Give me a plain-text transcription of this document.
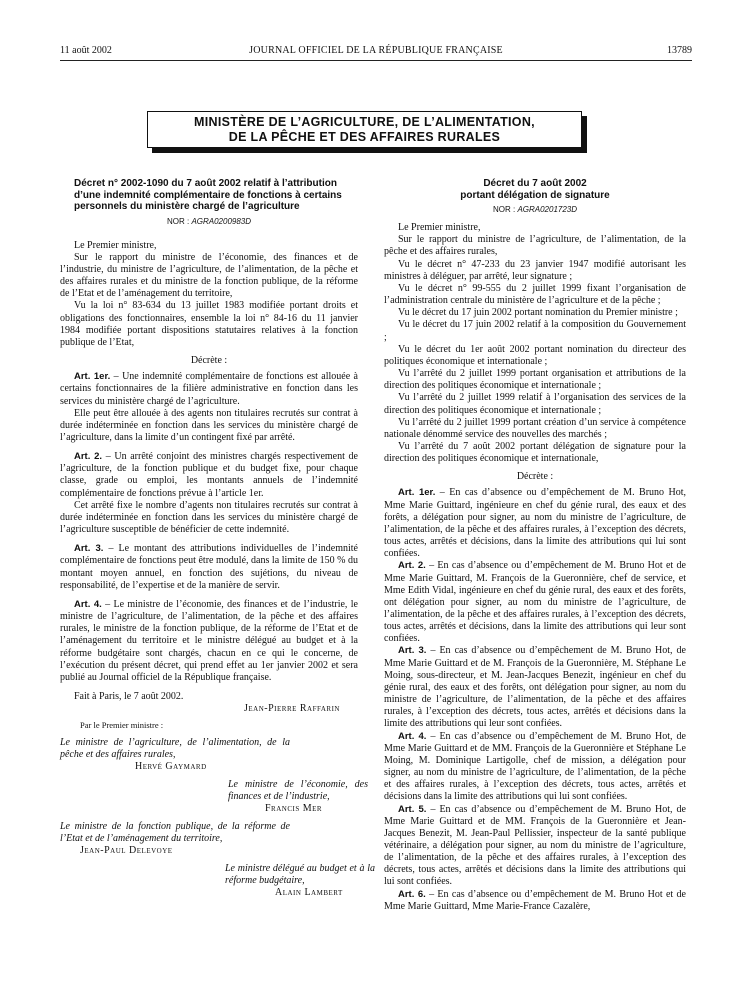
11 août 2002	JOURNAL OFFICIEL DE LA RÉPUBLIQUE FRANÇAISE	13789
MINISTÈRE DE L’AGRICULTURE, DE L’ALIMENTATION,
DE LA PÊCHE ET DES AFFAIRES RURALES
Décret n° 2002-1090 du 7 août 2002 relatif à l’attribution d’une indemnité complémentaire de fonctions à certains personnels du ministère chargé de l’agriculture
NOR : AGRA0200983D

Le Premier ministre,

Sur le rapport du ministre de l’économie, des finances et de l’industrie, du ministre de l’agriculture, de l’alimentation, de la pêche et des affaires rurales et du ministre de la fonction publique, de la réforme de l’Etat et de l’aménagement du territoire,

Vu la loi n° 83-634 du 13 juillet 1983 modifiée portant droits et obligations des fonctionnaires, ensemble la loi n° 84-16 du 11 janvier 1984 modifiée portant dispositions statutaires relatives à la fonction publique de l’Etat,

Décrète :

Art. 1er. – Une indemnité complémentaire de fonctions est allouée à certains fonctionnaires de la filière administrative en fonction dans les services du ministère chargé de l’agriculture.

Elle peut être allouée à des agents non titulaires recrutés sur contrat à durée indéterminée en fonction dans les services du ministère chargé de l’agriculture, dans la limite d’un contingent fixé par arrêté.

Art. 2. – Un arrêté conjoint des ministres chargés respectivement de l’agriculture, de la fonction publique et du budget fixe, pour chaque classe, grade ou emploi, les montants annuels de l’indemnité complémentaire de fonctions prévue à l’article 1er.

Cet arrêté fixe le nombre d’agents non titulaires recrutés sur contrat à durée indéterminée en fonction dans les services du ministère chargé de l’agriculture susceptible de bénéficier de cette indemnité.

Art. 3. – Le montant des attributions individuelles de l’indemnité complémentaire de fonctions peut être modulé, dans la limite de 150 % du montant moyen annuel, en fonction des sujétions, du niveau de responsabilité, de l’expertise et de la manière de servir.

Art. 4. – Le ministre de l’économie, des finances et de l’industrie, le ministre de l’agriculture, de l’alimentation, de la pêche et des affaires rurales, le ministre de la fonction publique, de la réforme de l’Etat et de l’aménagement du territoire et le ministre délégué au budget et à la réforme budgétaire sont chargés, chacun en ce qui le concerne, de l’exécution du présent décret, qui prend effet au 1er janvier 2002 et sera publié au Journal officiel de la République française.

Fait à Paris, le 7 août 2002.

Jean-Pierre Raffarin
Par le Premier ministre :
Le ministre de l’agriculture, de l’alimentation, de la pêche et des affaires rurales,
Hervé Gaymard
Le ministre de l’économie, des finances et de l’industrie,
Francis Mer
Le ministre de la fonction publique, de la réforme de l’Etat et de l’aménagement du territoire,
Jean-Paul Delevoye
Le ministre délégué au budget et à la réforme budgétaire,
Alain Lambert
Décret du 7 août 2002
portant délégation de signature
NOR : AGRA0201723D

Le Premier ministre,

Sur le rapport du ministre de l’agriculture, de l’alimentation, de la pêche et des affaires rurales,

Vu le décret n° 47-233 du 23 janvier 1947 modifié autorisant les ministres à déléguer, par arrêté, leur signature ;

Vu le décret n° 99-555 du 2 juillet 1999 fixant l’organisation de l’administration centrale du ministère de l’agriculture et de la pêche ;

Vu le décret du 17 juin 2002 portant nomination du Premier ministre ;

Vu le décret du 17 juin 2002 relatif à la composition du Gouvernement ;

Vu le décret du 1er août 2002 portant nomination du directeur des politiques économique et internationale ;

Vu l’arrêté du 2 juillet 1999 portant organisation et attributions de la direction des politiques économique et internationale ;

Vu l’arrêté du 2 juillet 1999 relatif à l’organisation des services de la direction des politiques économique et internationale ;

Vu l’arrêté du 2 juillet 1999 portant création d’un service à compétence nationale dénommé service des nouvelles des marchés ;

Vu l’arrêté du 7 août 2002 portant délégation de signature pour la direction des politiques économique et internationale,

Décrète :

Art. 1er. – En cas d’absence ou d’empêchement de M. Bruno Hot, Mme Marie Guittard, ingénieure en chef du génie rural, des eaux et des forêts, a délégation pour signer, au nom du ministre de l’agriculture, de l’alimentation, de la pêche et des affaires rurales, à l’exception des décrets, tous actes, arrêtés et décisions, dans la limite des attributions qui lui sont confiées.

Art. 2. – En cas d’absence ou d’empêchement de M. Bruno Hot et de Mme Marie Guittard, M. François de la Gueronnière, chef de service, et Mme Edith Vidal, ingénieure en chef du génie rural, des eaux et des forêts, ont délégation pour signer, au nom du ministre de l’agriculture, de l’alimentation, de la pêche et des affaires rurales, à l’exception des décrets, tous actes, arrêtés et décisions, dans la limite des attributions qui leur sont confiées.

Art. 3. – En cas d’absence ou d’empêchement de M. Bruno Hot, de Mme Marie Guittard et de M. François de la Gueronnière, M. Stéphane Le Moing, sous-directeur, et M. Jean-Jacques Benezit, ingénieur en chef du génie rural, des eaux et des forêts, ont délégation pour signer, au nom du ministre de l’agriculture, de l’alimentation, de la pêche et des affaires rurales, à l’exception des décrets, tous actes, arrêtés et décisions dans la limite des attributions qui leur sont confiées.

Art. 4. – En cas d’absence ou d’empêchement de M. Bruno Hot, de Mme Marie Guittard et de MM. François de la Gueronnière et Stéphane Le Moing, M. Dominique Lartigolle, chef de mission, a délégation pour signer, au nom du ministre de l’agriculture, de l’alimentation, de la pêche et des affaires rurales, à l’exception des décrets, tous actes, arrêtés et décisions dans la limite des attributions qui lui sont confiées.

Art. 5. – En cas d’absence ou d’empêchement de M. Bruno Hot, de Mme Marie Guittard et de MM. François de la Gueronnière et Jean-Jacques Benezit, M. Jean-Paul Pellissier, inspecteur de la santé publique vétérinaire, a délégation pour signer, au nom du ministre de l’agriculture, de l’alimentation, de la pêche et des affaires rurales, à l’exception des décrets, tous actes, arrêtés et décisions dans la limite des attributions qui lui sont confiées.

Art. 6. – En cas d’absence ou d’empêchement de M. Bruno Hot et de Mme Marie Guittard, Mme Marie-France Cazalère,
